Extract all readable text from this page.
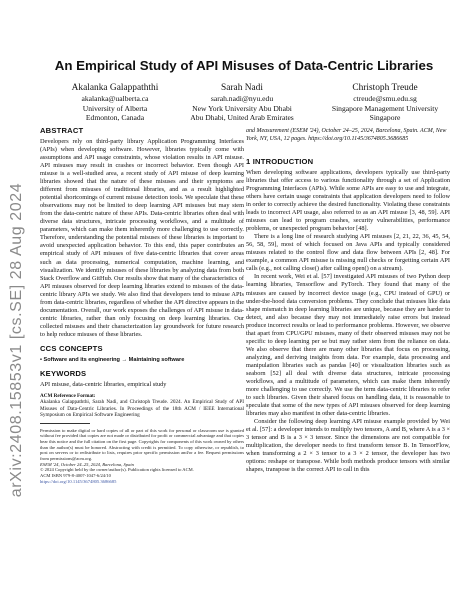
arXiv:2408.15853v1 [cs.SE] 28 Aug 2024
An Empirical Study of API Misuses of Data-Centric Libraries
Akalanka Galappaththi
akalanka@ualberta.ca
University of Alberta
Edmonton, Canada
Sarah Nadi
sarah.nadi@nyu.edu
New York University Abu Dhabi
Abu Dhabi, United Arab Emirates
Christoph Treude
ctreude@smu.edu.sg
Singapore Management University
Singapore
ABSTRACT

Developers rely on third-party library Application Programming Interfaces (APIs) when developing software. However, libraries typically come with assumptions and API usage constraints, whose violation results in API misuse. API misuses may result in crashes or incorrect behavior. Even though API misuse is a well-studied area, a recent study of API misuse of deep learning libraries showed that the nature of these misuses and their symptoms are different from misuses of traditional libraries, and as a result highlighted potential shortcomings of current misuse detection tools. We speculate that these observations may not be limited to deep learning API misuses but may stem from the data-centric nature of these APIs. Data-centric libraries often deal with diverse data structures, intricate processing workflows, and a multitude of parameters, which can make them inherently more challenging to use correctly. Therefore, understanding the potential misuses of these libraries is important to avoid unexpected application behavior. To this end, this paper contributes an empirical study of API misuses of five data-centric libraries that cover areas such as data processing, numerical computation, machine learning, and visualization. We identify misuses of these libraries by analyzing data from both Stack Overflow and GitHub. Our results show that many of the characteristics of API misuses observed for deep learning libraries extend to misuses of the data-centric library APIs we study. We also find that developers tend to misuse APIs from data-centric libraries, regardless of whether the API directive appears in the documentation. Overall, our work exposes the challenges of API misuse in data-centric libraries, rather than only focusing on deep learning libraries. Our collected misuses and their characterization lay groundwork for future research to help reduce misuses of these libraries.

CCS CONCEPTS
• Software and its engineering → Maintaining software
KEYWORDS
API misuse, data-centric libraries, empirical study
ACM Reference Format:

Akalanka Galappaththi, Sarah Nadi, and Christoph Treude. 2024. An Empirical Study of API Misuses of Data-Centric Libraries. In Proceedings of the 18th ACM / IEEE International Symposium on Empirical Software Engineering

Permission to make digital or hard copies of all or part of this work for personal or classroom use is granted without fee provided that copies are not made or distributed for profit or commercial advantage and that copies bear this notice and the full citation on the first page. Copyrights for components of this work owned by others than the author(s) must be honored. Abstracting with credit is permitted. To copy otherwise, or republish, to post on servers or to redistribute to lists, requires prior specific permission and/or a fee. Request permissions from permissions@acm.org.

ESEM '24, October 24–25, 2024, Barcelona, Spain
© 2024 Copyright held by the owner/author(s). Publication rights licensed to ACM.
ACM ISBN 979-8-4007-1047-6/24/10
https://doi.org/10.1145/3674805.3686685
and Measurement (ESEM '24), October 24–25, 2024, Barcelona, Spain. ACM, New York, NY, USA, 12 pages. https://doi.org/10.1145/3674805.3686685
1 INTRODUCTION

When developing software applications, developers typically use third-party libraries that offer access to various functionality through a set of Application Programming Interfaces (APIs). While some APIs are easy to use and integrate, others have certain usage constraints that application developers need to follow in order to correctly achieve the desired functionality. Violating these constraints leads to incorrect API usage, also referred to as an API misuse [3, 48, 59]. API misuses can lead to program crashes, security vulnerabilities, performance problems, or unexpected program behavior [48].

There is a long line of research studying API misuses [2, 21, 22, 36, 45, 54, 56, 58, 59], most of which focused on Java APIs and typically considered misuses related to the control flow and data flow between APIs [2, 48]. For example, a common API misuse is missing null checks or forgetting certain API calls (e.g., not calling close() after calling open() on a stream).

In recent work, Wei et al. [57] investigated API misuses of two Python deep learning libraries, Tensorflow and PyTorch. They found that many of the misuses are caused by incorrect device usage (e.g., CPU instead of GPU) or under-the-hood data conversion problems. They conclude that misuses like data shape mismatch in deep learning libraries are unique, because they are harder to detect, and also because they may not immediately raise errors but instead produce incorrect results or lead to performance problems. However, we observe that apart from CPU/GPU misuses, many of their observed misuses may not be specific to deep learning per se but may rather stem from the reliance on data. We also observe that there are many other libraries that focus on processing, analyzing, and deriving insights from data. For example, data processing and manipulation libraries such as pandas [40] or visualization libraries such as seaborn [52] all deal with diverse data structures, intricate processing workflows, and a multitude of parameters, which can make them inherently more challenging to use correctly. We use the term data-centric libraries to refer to such libraries. Given their shared focus on handling data, it is reasonable to speculate that some of the new types of API misuses observed for deep learning libraries may also manifest in other data-centric libraries.

Consider the following deep learning API misuse example provided by Wei et al. [57]: a developer intends to multiply two tensors, A and B, where A is a 3 × 3 tensor and B is a 3 × 3 tensor. Since the dimensions are not compatible for multiplication, the developer needs to first transform tensor B. In TensorFlow, when transforming a 2 × 3 tensor to a 3 × 2 tensor, the developer has two options: reshape or transpose. While both methods produce tensors with similar shapes, transpose is the correct API to call in this
